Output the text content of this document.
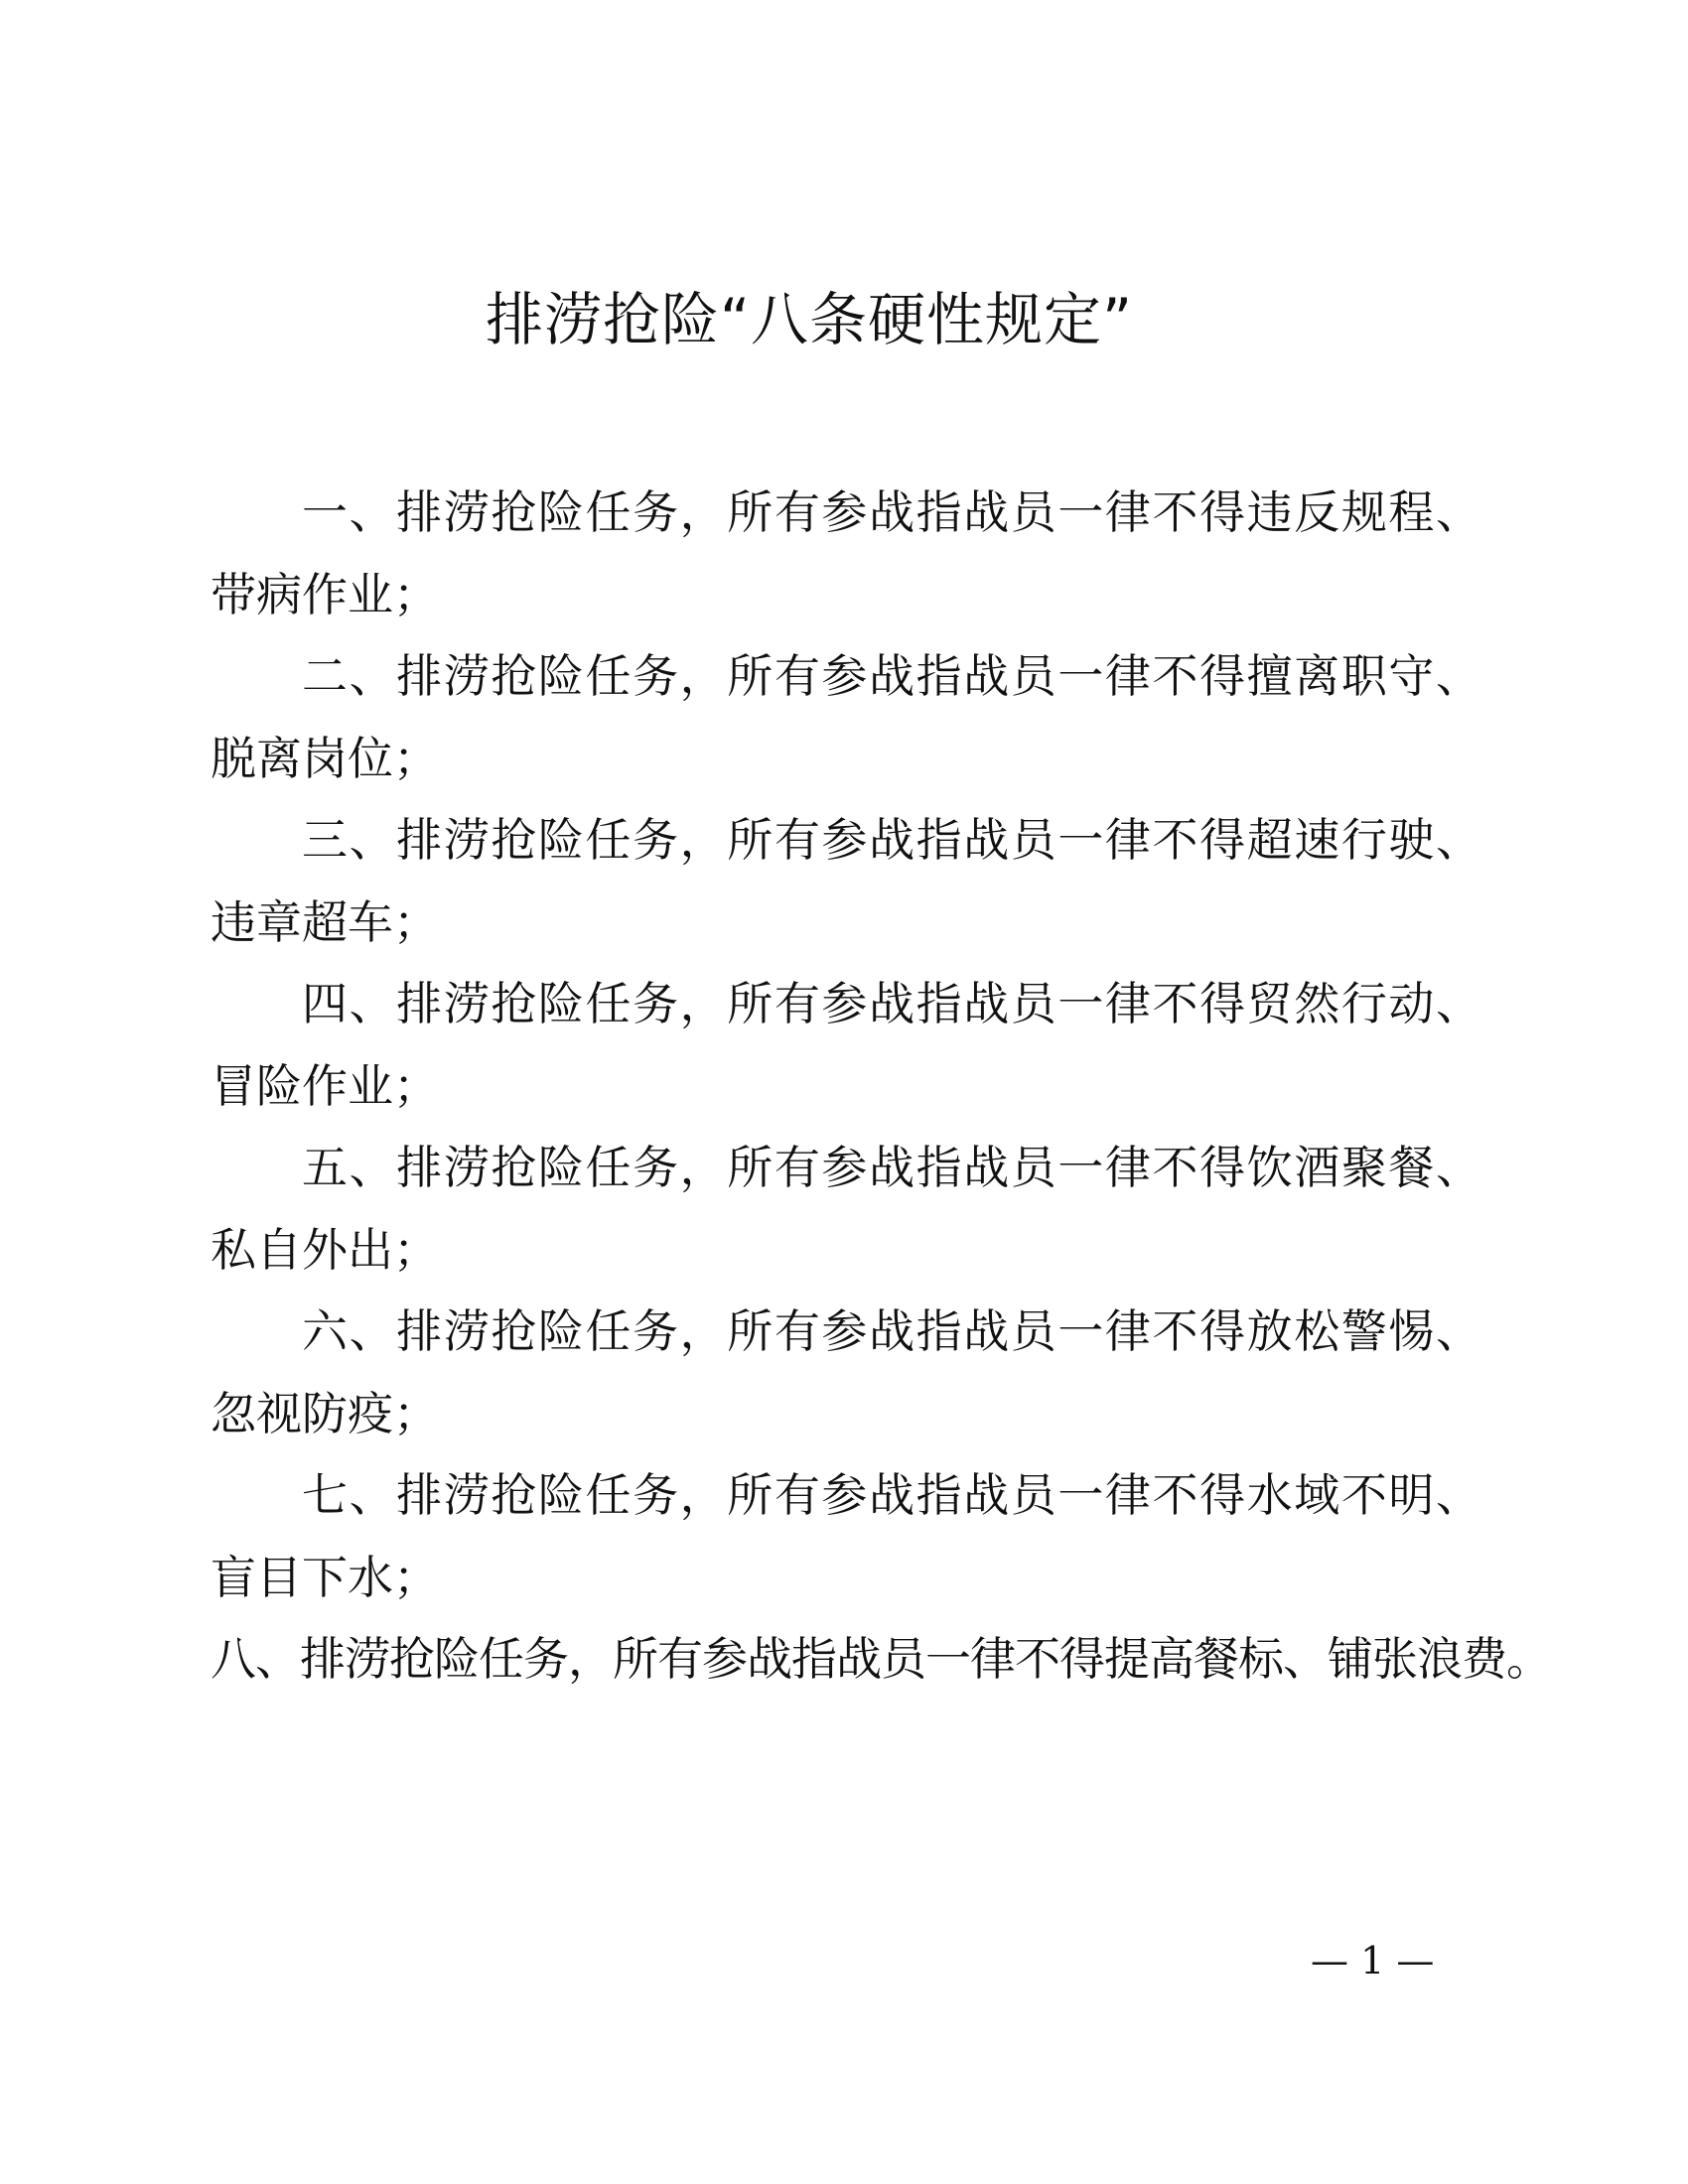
排涝抢险“八条硬性规定”

一、排涝抢险任务，所有参战指战员一律不得违反规程、带病作业；

二、排涝抢险任务，所有参战指战员一律不得擅离职守、脱离岗位；

三、排涝抢险任务，所有参战指战员一律不得超速行驶、违章超车；

四、排涝抢险任务，所有参战指战员一律不得贸然行动、冒险作业；

五、排涝抢险任务，所有参战指战员一律不得饮酒聚餐、私自外出；

六、排涝抢险任务，所有参战指战员一律不得放松警惕、忽视防疫；

七、排涝抢险任务，所有参战指战员一律不得水域不明、盲目下水；

八、排涝抢险任务，所有参战指战员一律不得提高餐标、铺张浪费。

— 1 —
